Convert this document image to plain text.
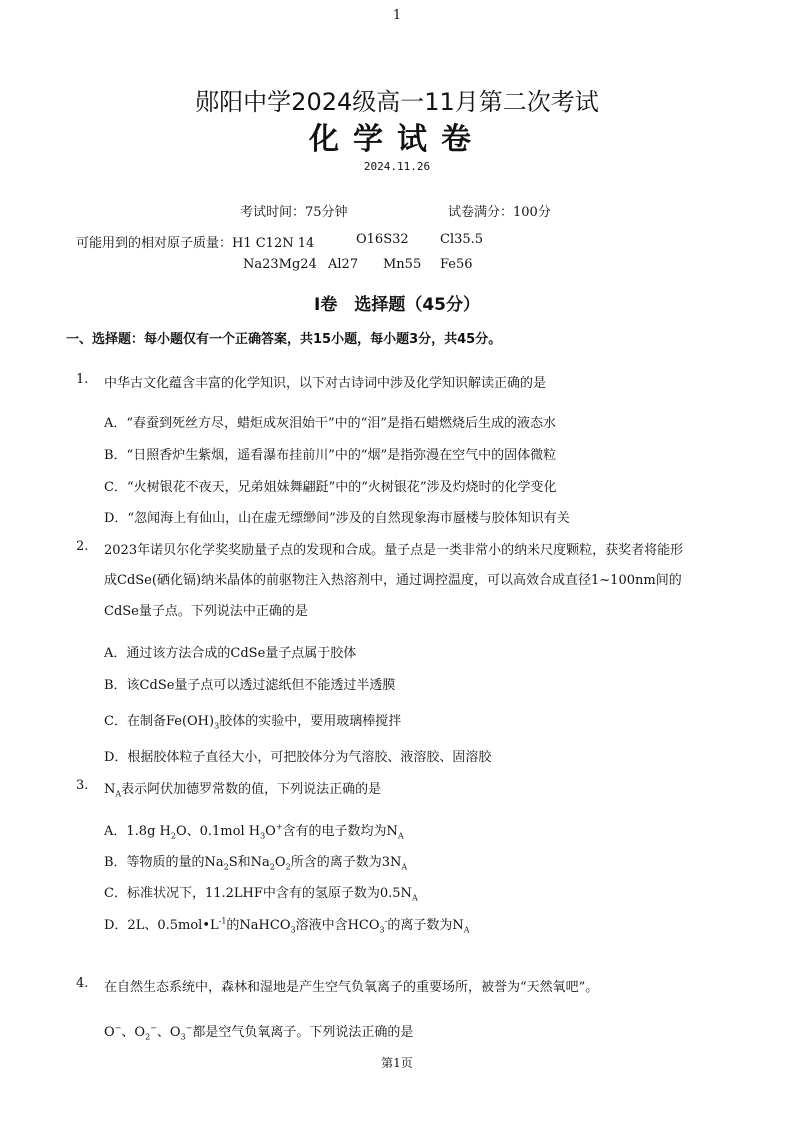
1
郧阳中学2024级高一11月第二次考试
化学试卷
2024.11.26
考试时间：75分钟	试卷满分：100分
可能用到的相对原子质量：H1 C12N 14	O16S32 Cl35.5
Na23Mg24 Al27 Mn55 Fe56
I卷　选择题（45分）
一、选择题：每小题仅有一个正确答案，共15小题，每小题3分，共45分。
1. 中华古文化蕴含丰富的化学知识，以下对古诗词中涉及化学知识解读正确的是
A．“春蚕到死丝方尽，蜡炬成灰泪始干”中的“泪”是指石蜡燃烧后生成的液态水
B．“日照香炉生紫烟，遥看瀑布挂前川”中的“烟”是指弥漫在空气中的固体微粒
C．“火树银花不夜天，兄弟姐妹舞翩跹”中的“火树银花”涉及灼烧时的化学变化
D．“忽闻海上有仙山，山在虚无缥缈间”涉及的自然现象海市蜃楼与胶体知识有关
2. 2023年诺贝尔化学奖奖励量子点的发现和合成。量子点是一类非常小的纳米尺度颗粒，获奖者将能形
成CdSe(硒化镉)纳米晶体的前驱物注入热溶剂中，通过调控温度，可以高效合成直径1~100nm间的
CdSe量子点。下列说法中正确的是
A．通过该方法合成的CdSe量子点属于胶体
B．该CdSe量子点可以透过滤纸但不能透过半透膜
C．在制备$Fe(OH)_3$胶体的实验中，要用玻璃棒搅拌
D．根据胶体粒子直径大小，可把胶体分为气溶胶、液溶胶、固溶胶
3. $N_A$表示阿伏加德罗常数的值，下列说法正确的是
A．1.8g $H_2O$、0.1mol $H_3O^+$含有的电子数均为$N_A$
B．等物质的量的$Na_2S$和$Na_2O_2$所含的离子数为$3N_A$
C．标准状况下，11.2LHF中含有的氢原子数为$0.5N_A$
D．2L、$0.5mol•L^{-1}$的NaHCO$_3$溶液中含$HCO_3^-$的离子数为$N_A$
4. 在自然生态系统中，森林和湿地是产生空气负氧离子的重要场所，被誉为“天然氧吧”。
O−、$O_2^-$、$O_3^-$都是空气负氧离子。下列说法正确的是
第1页
